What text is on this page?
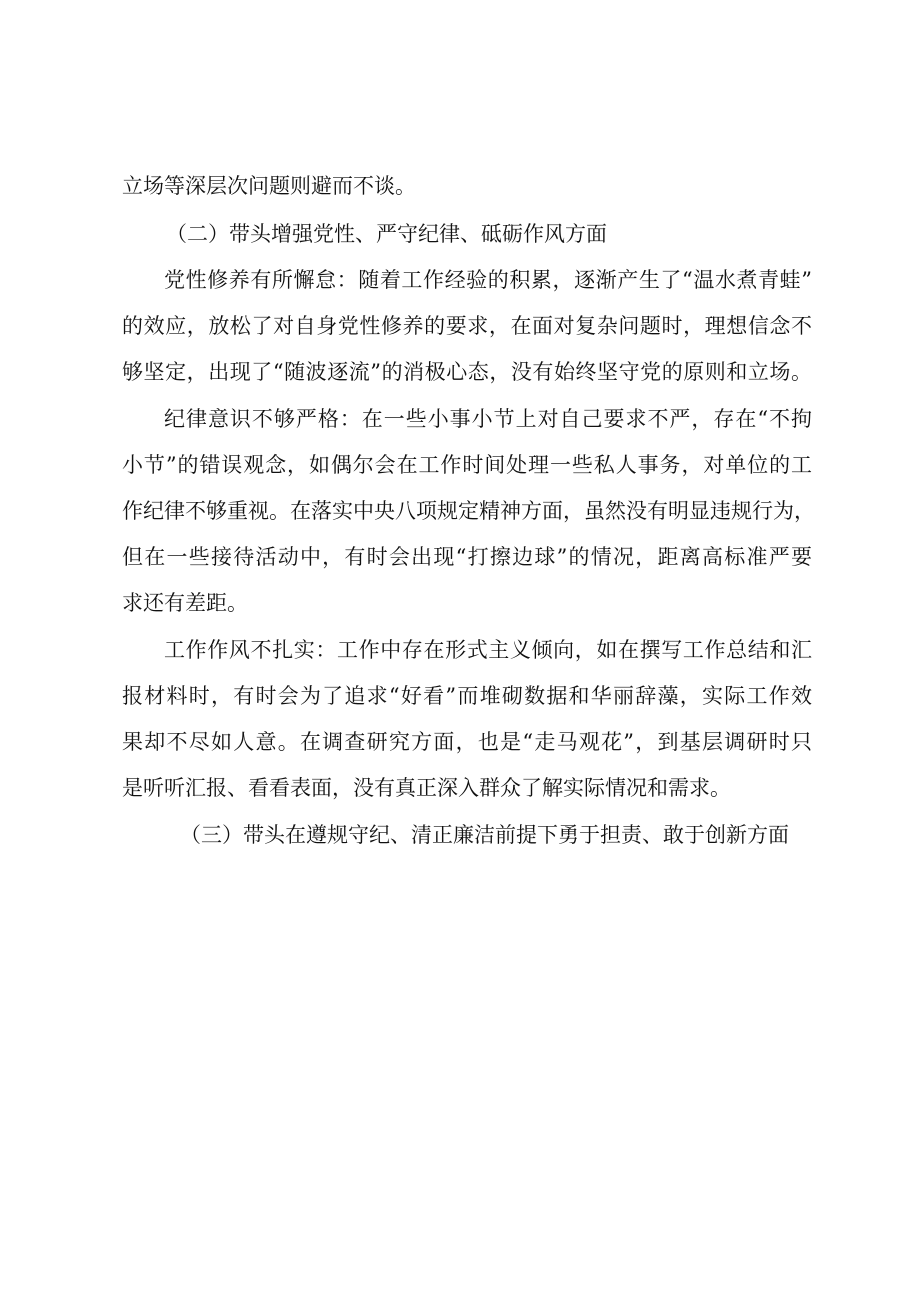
立场等深层次问题则避而不谈。
（二）带头增强党性、严守纪律、砥砺作风方面
党性修养有所懈怠：随着工作经验的积累，逐渐产生了“温水煮青蛙”
的效应，放松了对自身党性修养的要求，在面对复杂问题时，理想信念不
够坚定，出现了“随波逐流”的消极心态，没有始终坚守党的原则和立场。
纪律意识不够严格：在一些小事小节上对自己要求不严，存在“不拘
小节”的错误观念，如偶尔会在工作时间处理一些私人事务，对单位的工
作纪律不够重视。在落实中央八项规定精神方面，虽然没有明显违规行为，
但在一些接待活动中，有时会出现“打擦边球”的情况，距离高标准严要
求还有差距。
工作作风不扎实：工作中存在形式主义倾向，如在撰写工作总结和汇
报材料时，有时会为了追求“好看”而堆砌数据和华丽辞藻，实际工作效
果却不尽如人意。在调查研究方面，也是“走马观花”，到基层调研时只
是听听汇报、看看表面，没有真正深入群众了解实际情况和需求。
（三）带头在遵规守纪、清正廉洁前提下勇于担责、敢于创新方面
